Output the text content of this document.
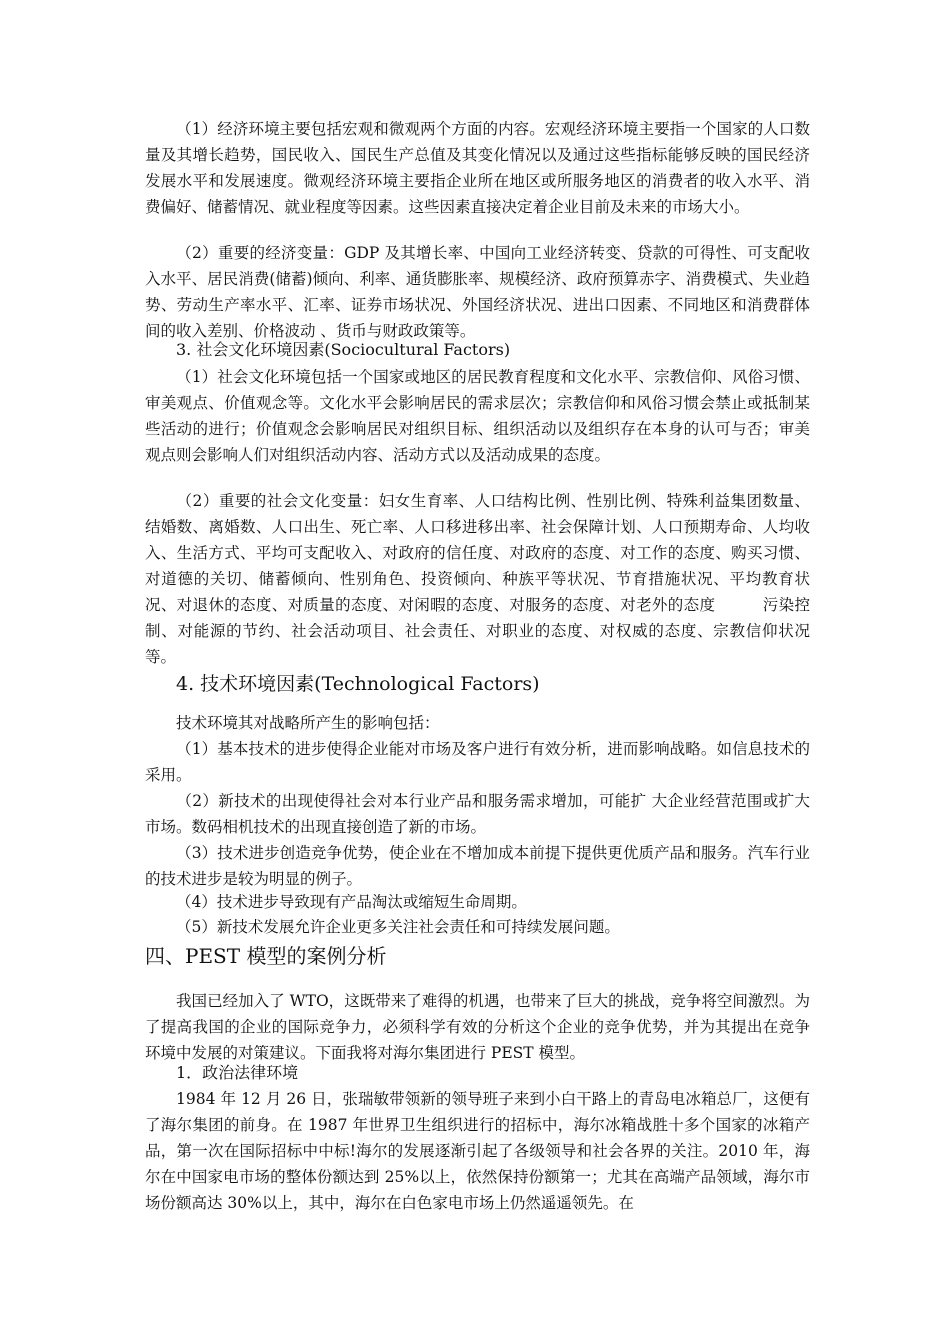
（1）经济环境主要包括宏观和微观两个方面的内容。宏观经济环境主要指一个国家的人口数量及其增长趋势，国民收入、国民生产总值及其变化情况以及通过这些指标能够反映的国民经济发展水平和发展速度。微观经济环境主要指企业所在地区或所服务地区的消费者的收入水平、消费偏好、储蓄情况、就业程度等因素。这些因素直接决定着企业目前及未来的市场大小。
（2）重要的经济变量：GDP 及其增长率、中国向工业经济转变、贷款的可得性、可支配收入水平、居民消费(储蓄)倾向、利率、通货膨胀率、规模经济、政府预算赤字、消费模式、失业趋势、劳动生产率水平、汇率、证券市场状况、外国经济状况、进出口因素、不同地区和消费群体间的收入差别、价格波动 、货币与财政政策等。
3. 社会文化环境因素(Sociocultural Factors)
（1）社会文化环境包括一个国家或地区的居民教育程度和文化水平、宗教信仰、风俗习惯、审美观点、价值观念等。文化水平会影响居民的需求层次；宗教信仰和风俗习惯会禁止或抵制某些活动的进行；价值观念会影响居民对组织目标、组织活动以及组织存在本身的认可与否；审美观点则会影响人们对组织活动内容、活动方式以及活动成果的态度。
（2）重要的社会文化变量：妇女生育率、人口结构比例、性别比例、特殊利益集团数量、 结婚数、离婚数、人口出生、死亡率、人口移进移出率、社会保障计划、人口预期寿命、人均收入、生活方式、平均可支配收入、对政府的信任度、对政府的态度、对工作的态度、购买习惯、对道德的关切、储蓄倾向、性别角色、投资倾向、种族平等状况、节育措施状况、平均教育状况、对退休的态度、对质量的态度、对闲暇的态度、对服务的态度、对老外的态度　　　污染控制、对能源的节约、社会活动项目、社会责任、对职业的态度、对权威的态度、宗教信仰状况等。
4. 技术环境因素(Technological Factors)
技术环境其对战略所产生的影响包括：
（1）基本技术的进步使得企业能对市场及客户进行有效分析，进而影响战略。如信息技术的采用。
（2）新技术的出现使得社会对本行业产品和服务需求增加，可能扩 大企业经营范围或扩大市场。数码相机技术的出现直接创造了新的市场。
（3）技术进步创造竞争优势，使企业在不增加成本前提下提供更优质产品和服务。汽车行业的技术进步是较为明显的例子。
（4）技术进步导致现有产品淘汰或缩短生命周期。
（5）新技术发展允许企业更多关注社会责任和可持续发展问题。
四、PEST 模型的案例分析
我国已经加入了 WTO，这既带来了难得的机遇，也带来了巨大的挑战，竞争将空间激烈。为了提高我国的企业的国际竞争力，必须科学有效的分析这个企业的竞争优势，并为其提出在竞争环境中发展的对策建议。下面我将对海尔集团进行 PEST 模型。
1．政治法律环境
1984 年 12 月 26 日，张瑞敏带领新的领导班子来到小白干路上的青岛电冰箱总厂，这便有了海尔集团的前身。在 1987 年世界卫生组织进行的招标中，海尔冰箱战胜十多个国家的冰箱产品，第一次在国际招标中中标!海尔的发展逐渐引起了各级领导和社会各界的关注。2010 年，海尔在中国家电市场的整体份额达到 25%以上，依然保持份额第一；尤其在高端产品领域，海尔市场份额高达 30%以上，其中，海尔在白色家电市场上仍然遥遥领先。在
